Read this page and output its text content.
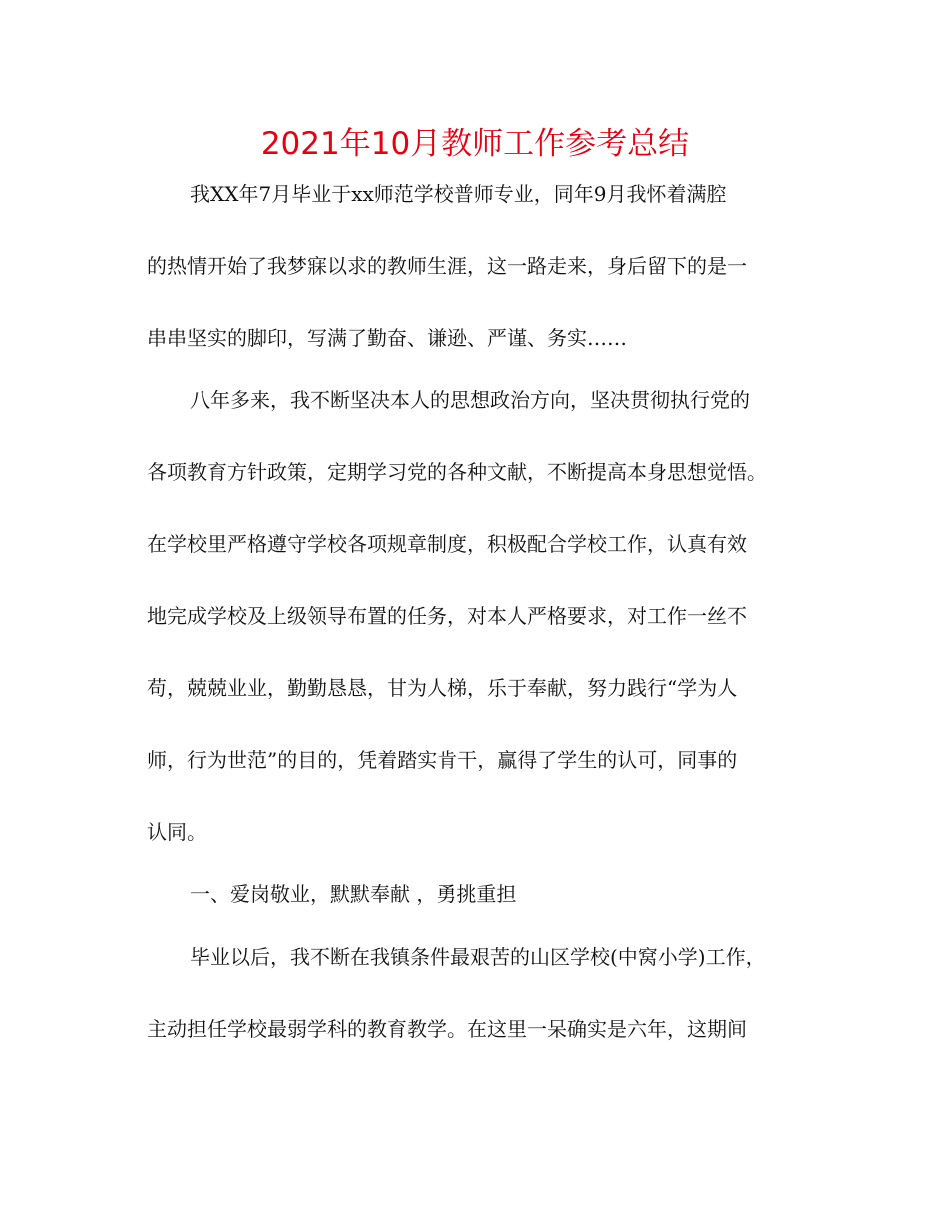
2021年10月教师工作参考总结
我XX年7月毕业于xx师范学校普师专业，同年9月我怀着满腔
的热情开始了我梦寐以求的教师生涯，这一路走来，身后留下的是一
串串坚实的脚印，写满了勤奋、谦逊、严谨、务实……
八年多来，我不断坚决本人的思想政治方向，坚决贯彻执行党的
各项教育方针政策，定期学习党的各种文献，不断提高本身思想觉悟。
在学校里严格遵守学校各项规章制度，积极配合学校工作，认真有效
地完成学校及上级领导布置的任务，对本人严格要求，对工作一丝不
苟，兢兢业业，勤勤恳恳，甘为人梯，乐于奉献，努力践行“学为人
师，行为世范”的目的，凭着踏实肯干，赢得了学生的认可，同事的
认同。
一、爱岗敬业，默默奉献 ，勇挑重担
毕业以后，我不断在我镇条件最艰苦的山区学校(中窝小学)工作，
主动担任学校最弱学科的教育教学。在这里一呆确实是六年，这期间
